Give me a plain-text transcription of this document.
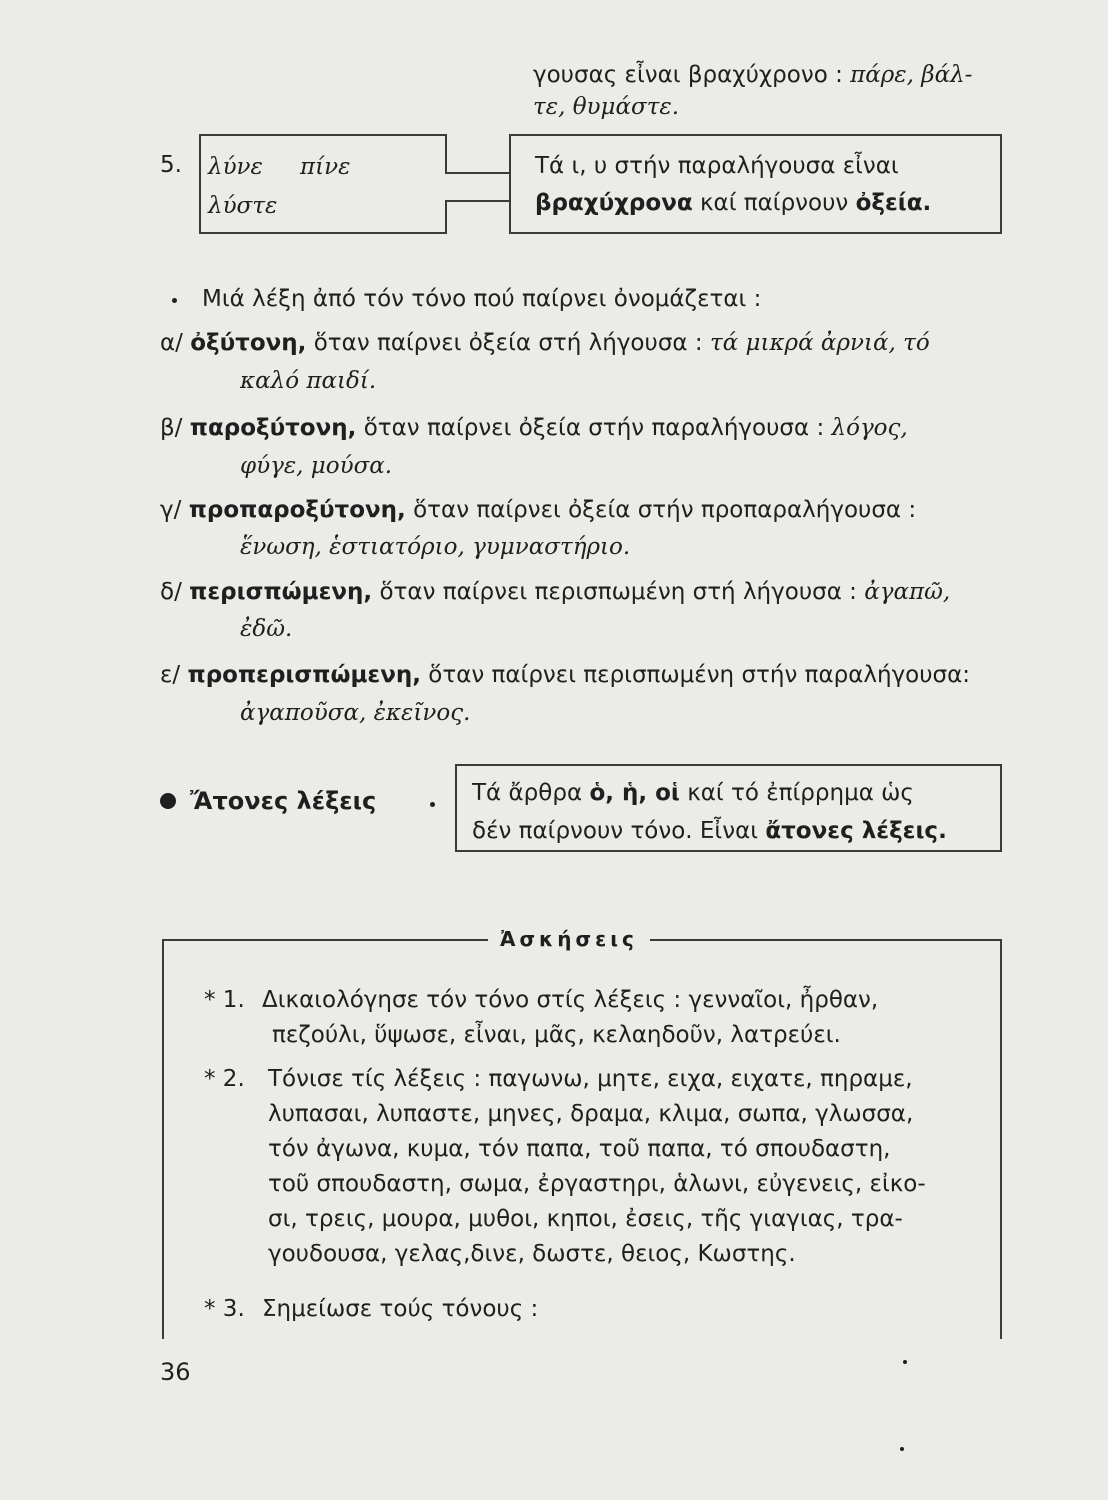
γουσας εἶναι βραχύχρονο : πάρε, βάλ-
τε, θυμάστε.
5. λύνε πίνε
λύστε
Τά ι, υ στήν παραλήγουσα εἶναι
βραχύχρονα καί παίρνουν ὀξεία.
Μιά λέξη ἀπό τόν τόνο πού παίρνει ὀνομάζεται :
α/ ὀξύτονη, ὅταν παίρνει ὀξεία στή λήγουσα : τά μικρά ἀρνιά, τό
καλό παιδί.
β/ παροξύτονη, ὅταν παίρνει ὀξεία στήν παραλήγουσα : λόγος,
φύγε, μούσα.
γ/ προπαροξύτονη, ὅταν παίρνει ὀξεία στήν προπαραλήγουσα :
ἕνωση, ἑστιατόριο, γυμναστήριο.
δ/ περισπώμενη, ὅταν παίρνει περισπωμένη στή λήγουσα : ἀγαπῶ,
ἐδῶ.
ε/ προπερισπώμενη, ὅταν παίρνει περισπωμένη στήν παραλήγουσα:
ἀγαποῦσα, ἐκεῖνος.
Ἄτονες λέξεις	Τά ἄρθρα ὁ, ἡ, οἱ καί τό ἐπίρρημα ὡς
δέν παίρνουν τόνο. Εἶναι ἄτονες λέξεις.
Ἀσκήσεις
* 1. Δικαιολόγησε τόν τόνο στίς λέξεις : γενναῖοι, ἦρθαν,
πεζούλι, ὕψωσε, εἶναι, μᾶς, κελαηδοῦν, λατρεύει.
* 2. Τόνισε τίς λέξεις : παγωνω, μητε, ειχα, ειχατε, πηραμε,
λυπασαι, λυπαστε, μηνες, δραμα, κλιμα, σωπα, γλωσσα,
τόν ἀγωνα, κυμα, τόν παπα, τοῦ παπα, τό σπουδαστη,
τοῦ σπουδαστη, σωμα, ἐργαστηρι, ἁλωνι, εὐγενεις, εἰκο-
σι, τρεις, μουρα, μυθοι, κηποι, ἐσεις, τῆς γιαγιας, τρα-
γουδουσα, γελας,δινε, δωστε, θειος, Κωστης.
* 3. Σημείωσε τούς τόνους :
36
